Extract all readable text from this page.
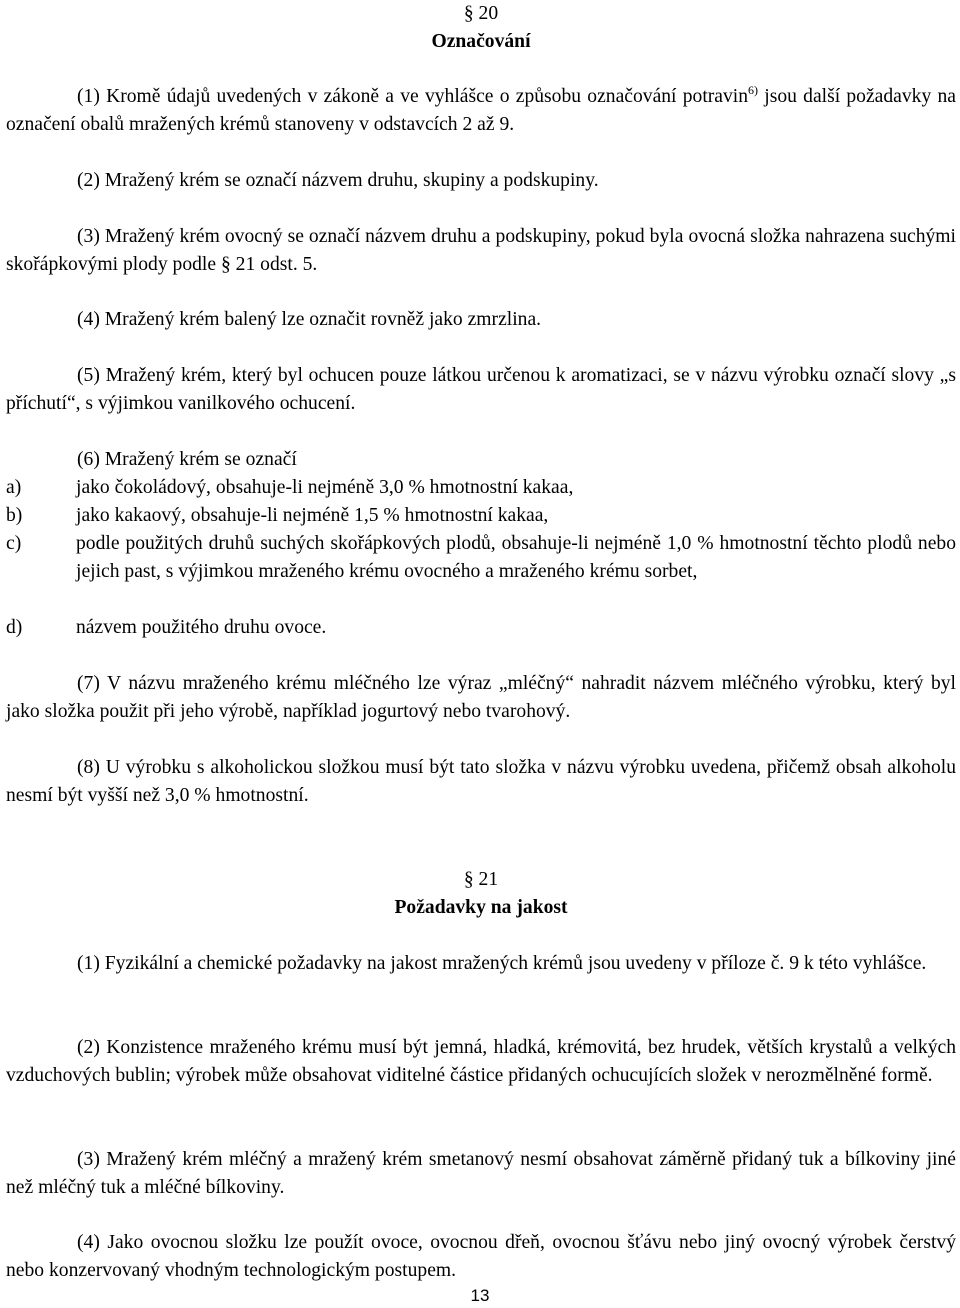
§ 20
Označování
(1) Kromě údajů uvedených v zákoně a ve vyhlášce o způsobu označování potravin$^{6)}$ jsou další požadavky na označení obalů mražených krémů stanoveny v odstavcích 2 až 9.
(2) Mražený krém se označí názvem druhu, skupiny a podskupiny.
(3) Mražený krém ovocný se označí názvem druhu a podskupiny, pokud byla ovocná složka nahrazena suchými skořápkovými plody podle § 21 odst. 5.
(4) Mražený krém balený lze označit rovněž jako zmrzlina.
(5) Mražený krém, který byl ochucen pouze látkou určenou k aromatizaci, se v názvu výrobku označí slovy „s příchutí“, s výjimkou vanilkového ochucení.
(6) Mražený krém se označí
a)	jako čokoládový, obsahuje-li nejméně 3,0 % hmotnostní kakaa,
b)	jako kakaový, obsahuje-li nejméně 1,5 % hmotnostní kakaa,
c)	podle použitých druhů suchých skořápkových plodů, obsahuje-li nejméně 1,0 % hmotnostní těchto plodů nebo jejich past, s výjimkou mraženého krému ovocného a mraženého krému sorbet,
d)	názvem použitého druhu ovoce.
(7) V názvu mraženého krému mléčného lze výraz „mléčný“ nahradit názvem mléčného výrobku, který byl jako složka použit při jeho výrobě, například jogurtový nebo tvarohový.
(8) U výrobku s alkoholickou složkou musí být tato složka v názvu výrobku uvedena, přičemž obsah alkoholu nesmí být vyšší než 3,0 % hmotnostní.
§ 21
Požadavky na jakost
(1) Fyzikální a chemické požadavky na jakost mražených krémů jsou uvedeny v příloze č. 9 k této vyhlášce.
(2) Konzistence mraženého krému musí být jemná, hladká, krémovitá, bez hrudek, větších krystalů a velkých vzduchových bublin; výrobek může obsahovat viditelné částice přidaných ochucujících složek v nerozmělněné formě.
(3) Mražený krém mléčný a mražený krém smetanový nesmí obsahovat záměrně přidaný tuk a bílkoviny jiné než mléčný tuk a mléčné bílkoviny.
(4) Jako ovocnou složku lze použít ovoce, ovocnou dřeň, ovocnou šťávu nebo jiný ovocný výrobek čerstvý nebo konzervovaný vhodným technologickým postupem.
13
